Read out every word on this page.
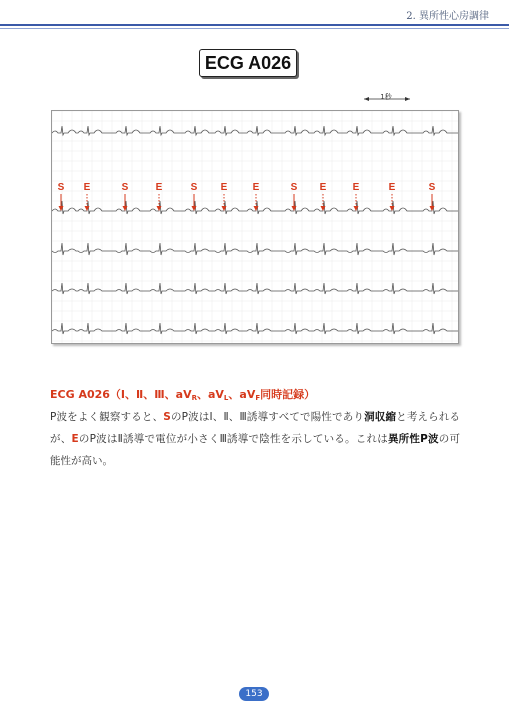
2. 異所性心房調律
ECG A026
1秒
S E	S	E	S E	E	S E	E	E	S
ECG A026（Ⅰ、Ⅱ、Ⅲ、$aV_R$、$aV_L$、$aV_F$同時記録）
P波をよく観察すると、SのP波はⅠ、Ⅱ、Ⅲ誘導すべてで陽性であり洞収縮と考えられるが、EのP波はⅡ誘導で電位が小さくⅢ誘導で陰性を示している。これは異所性P波の可能性が高い。
153
